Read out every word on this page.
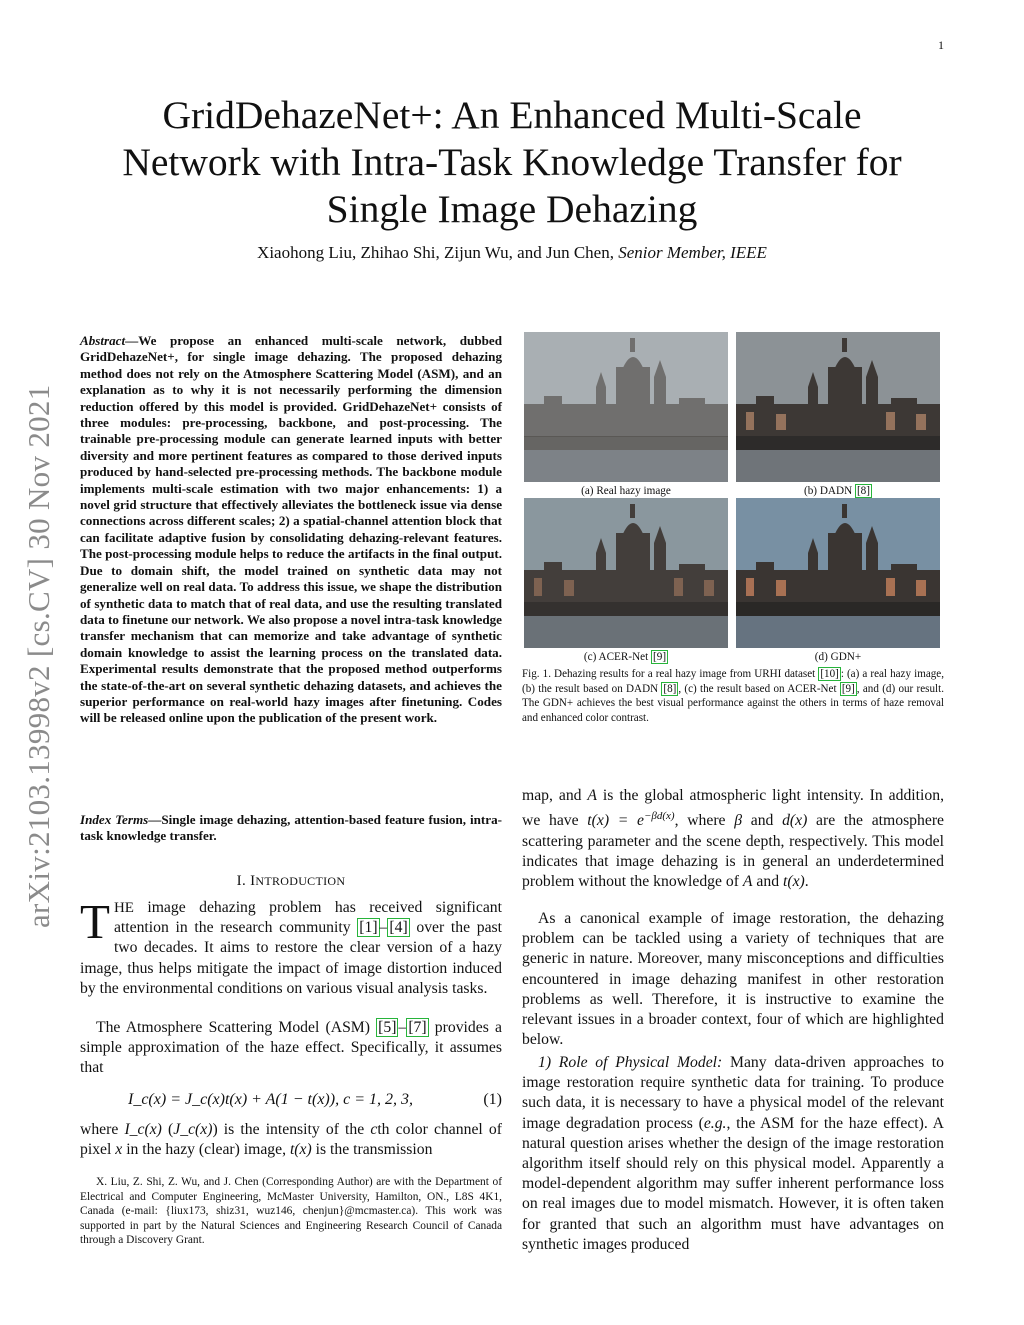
1
arXiv:2103.13998v2 [cs.CV] 30 Nov 2021
GridDehazeNet+: An Enhanced Multi-Scale
Network with Intra-Task Knowledge Transfer for
Single Image Dehazing
Xiaohong Liu, Zhihao Shi, Zijun Wu, and Jun Chen, Senior Member, IEEE
Abstract—We propose an enhanced multi-scale network, dubbed GridDehazeNet+, for single image dehazing. The proposed dehazing method does not rely on the Atmosphere Scattering Model (ASM), and an explanation as to why it is not necessarily performing the dimension reduction offered by this model is provided. GridDehazeNet+ consists of three modules: pre-processing, backbone, and post-processing. The trainable pre-processing module can generate learned inputs with better diversity and more pertinent features as compared to those derived inputs produced by hand-selected pre-processing methods. The backbone module implements multi-scale estimation with two major enhancements: 1) a novel grid structure that effectively alleviates the bottleneck issue via dense connections across different scales; 2) a spatial-channel attention block that can facilitate adaptive fusion by consolidating dehazing-relevant features. The post-processing module helps to reduce the artifacts in the final output. Due to domain shift, the model trained on synthetic data may not generalize well on real data. To address this issue, we shape the distribution of synthetic data to match that of real data, and use the resulting translated data to finetune our network. We also propose a novel intra-task knowledge transfer mechanism that can memorize and take advantage of synthetic domain knowledge to assist the learning process on the translated data. Experimental results demonstrate that the proposed method outperforms the state-of-the-art on several synthetic dehazing datasets, and achieves the superior performance on real-world hazy images after finetuning. Codes will be released online upon the publication of the present work.
Index Terms—Single image dehazing, attention-based feature fusion, intra-task knowledge transfer.
I. INTRODUCTION
THE image dehazing problem has received significant attention in the research community [1] – [4] over the past two decades. It aims to restore the clear version of a hazy image, thus helps mitigate the impact of image distortion induced by the environmental conditions on various visual analysis tasks.

The Atmosphere Scattering Model (ASM) [5] – [7] provides a simple approximation of the haze effect. Specifically, it assumes that

I_c(x) = J_c(x)t(x) + A(1 − t(x)), c = 1, 2, 3,	(1)
where I_c(x) (J_c(x)) is the intensity of the cth color channel of pixel x in the hazy (clear) image, t(x) is the transmission
X. Liu, Z. Shi, Z. Wu, and J. Chen (Corresponding Author) are with the Department of Electrical and Computer Engineering, McMaster University, Hamilton, ON., L8S 4K1, Canada (e-mail: {liux173, shiz31, wuz146, chenjun}@mcmaster.ca). This work was supported in part by the Natural Sciences and Engineering Research Council of Canada through a Discovery Grant.
(a) Real hazy image	(b) DADN [8]
(c) ACER-Net [9]	(d) GDN+
Fig. 1. Dehazing results for a real hazy image from URHI dataset [10] : (a) a real hazy image, (b) the result based on DADN [8] , (c) the result based on ACER-Net [9] , and (d) our result. The GDN+ achieves the best visual performance against the others in terms of haze removal and enhanced color contrast.
map, and A is the global atmospheric light intensity. In addition, we have $t(x) = e^{-\beta d(x)}$, where β and d(x) are the atmosphere scattering parameter and the scene depth, respectively. This model indicates that image dehazing is in general an underdetermined problem without the knowledge of A and t(x).

As a canonical example of image restoration, the dehazing problem can be tackled using a variety of techniques that are generic in nature. Moreover, many misconceptions and difficulties encountered in image dehazing manifest in other restoration problems as well. Therefore, it is instructive to examine the relevant issues in a broader context, four of which are highlighted below.

1) Role of Physical Model: Many data-driven approaches to image restoration require synthetic data for training. To produce such data, it is necessary to have a physical model of the relevant image degradation process (e.g., the ASM for the haze effect). A natural question arises whether the design of the image restoration algorithm itself should rely on this physical model. Apparently a model-dependent algorithm may suffer inherent performance loss on real images due to model mismatch. However, it is often taken for granted that such an algorithm must have advantages on synthetic images produced
